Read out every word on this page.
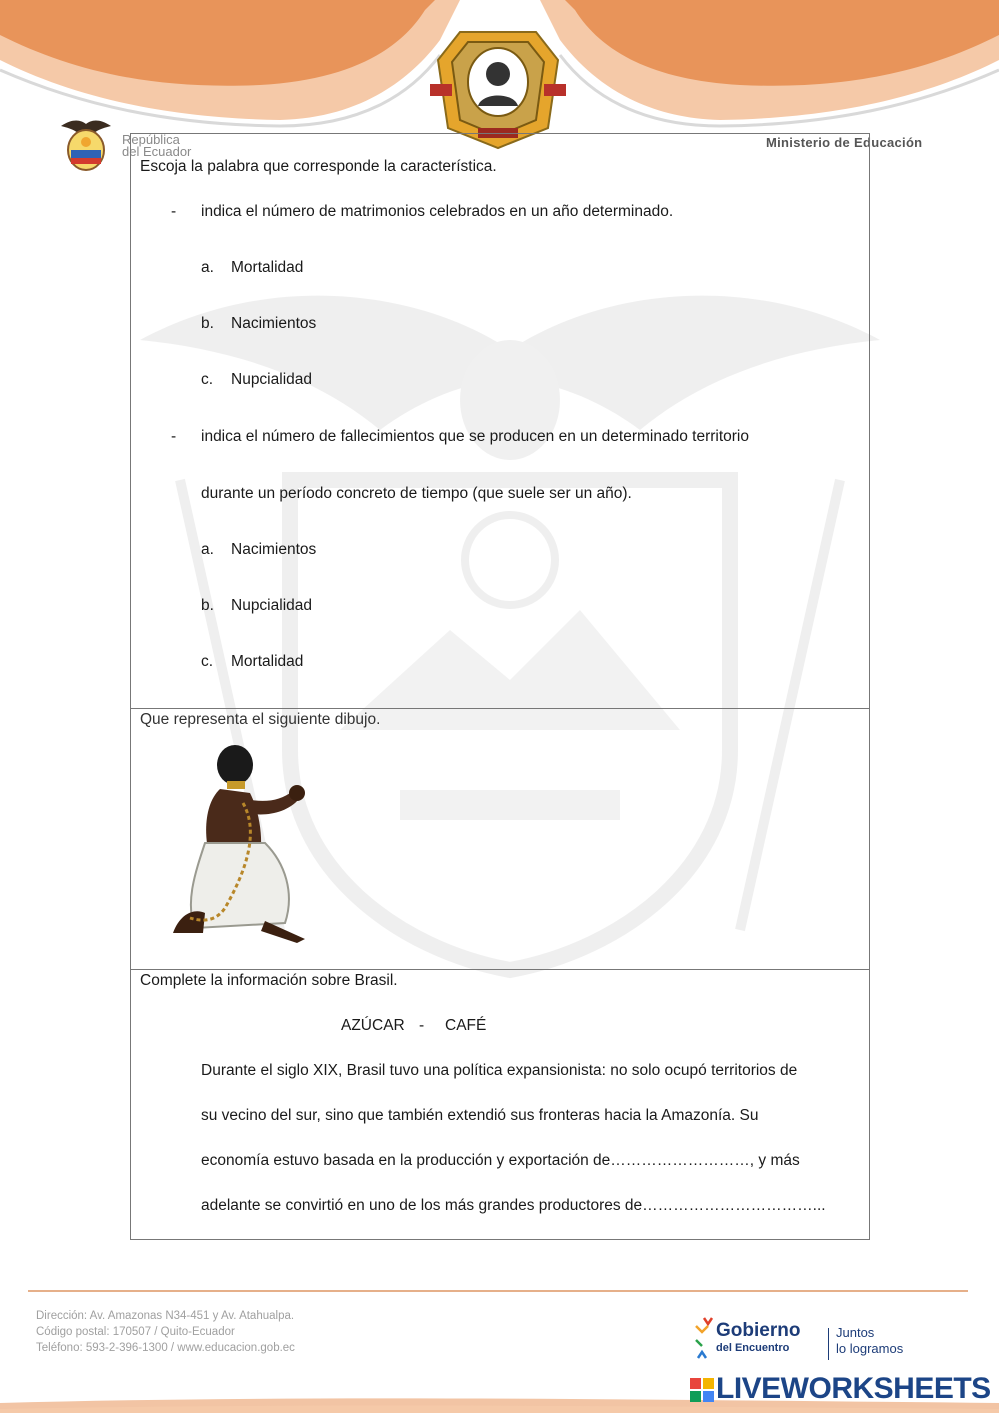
República
del Ecuador
Ministerio de Educación
Escoja la palabra que corresponde la característica.
- indica el número de matrimonios celebrados en un año determinado.
a. Mortalidad
b. Nacimientos
c. Nupcialidad
- indica el número de fallecimientos que se producen en un determinado territorio
durante un período concreto de tiempo (que suele ser un año).
a. Nacimientos
b. Nupcialidad
c. Mortalidad
Que representa el siguiente dibujo.
Complete la información sobre Brasil.
AZÚCAR - CAFÉ
Durante el siglo XIX, Brasil tuvo una política expansionista: no solo ocupó territorios de
su vecino del sur, sino que también extendió sus fronteras hacia la Amazonía. Su
economía estuvo basada en la producción y exportación de………………………, y más
adelante se convirtió en uno de los más grandes productores de……………………………...
Dirección: Av. Amazonas N34-451 y Av. Atahualpa.
Código postal: 170507 / Quito-Ecuador
Teléfono: 593-2-396-1300 / www.educacion.gob.ec
Gobierno
del Encuentro
Juntos
lo logramos
LIVEWORKSHEETS
